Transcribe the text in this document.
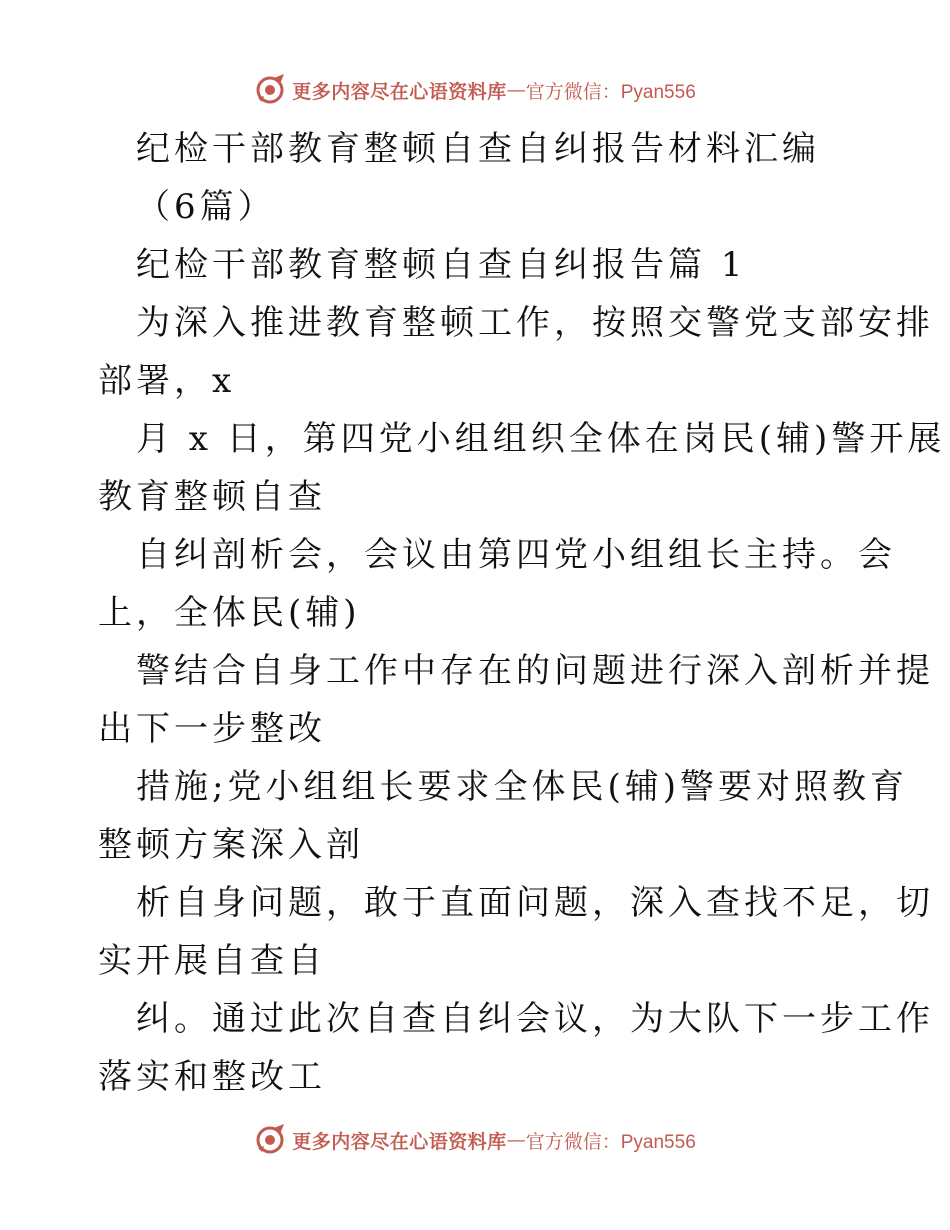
更多内容尽在心语资料库 — 官方微信：Pyan556
纪检干部教育整顿自查自纠报告材料汇编
（6篇）
纪检干部教育整顿自查自纠报告篇 1
为深入推进教育整顿工作，按照交警党支部安排
部署，x
月 x 日，第四党小组组织全体在岗民(辅)警开展
教育整顿自查
自纠剖析会，会议由第四党小组组长主持。会
上，全体民(辅)
警结合自身工作中存在的问题进行深入剖析并提
出下一步整改
措施;党小组组长要求全体民(辅)警要对照教育
整顿方案深入剖
析自身问题，敢于直面问题，深入查找不足，切
实开展自查自
纠。通过此次自查自纠会议，为大队下一步工作
落实和整改工
更多内容尽在心语资料库 — 官方微信：Pyan556
